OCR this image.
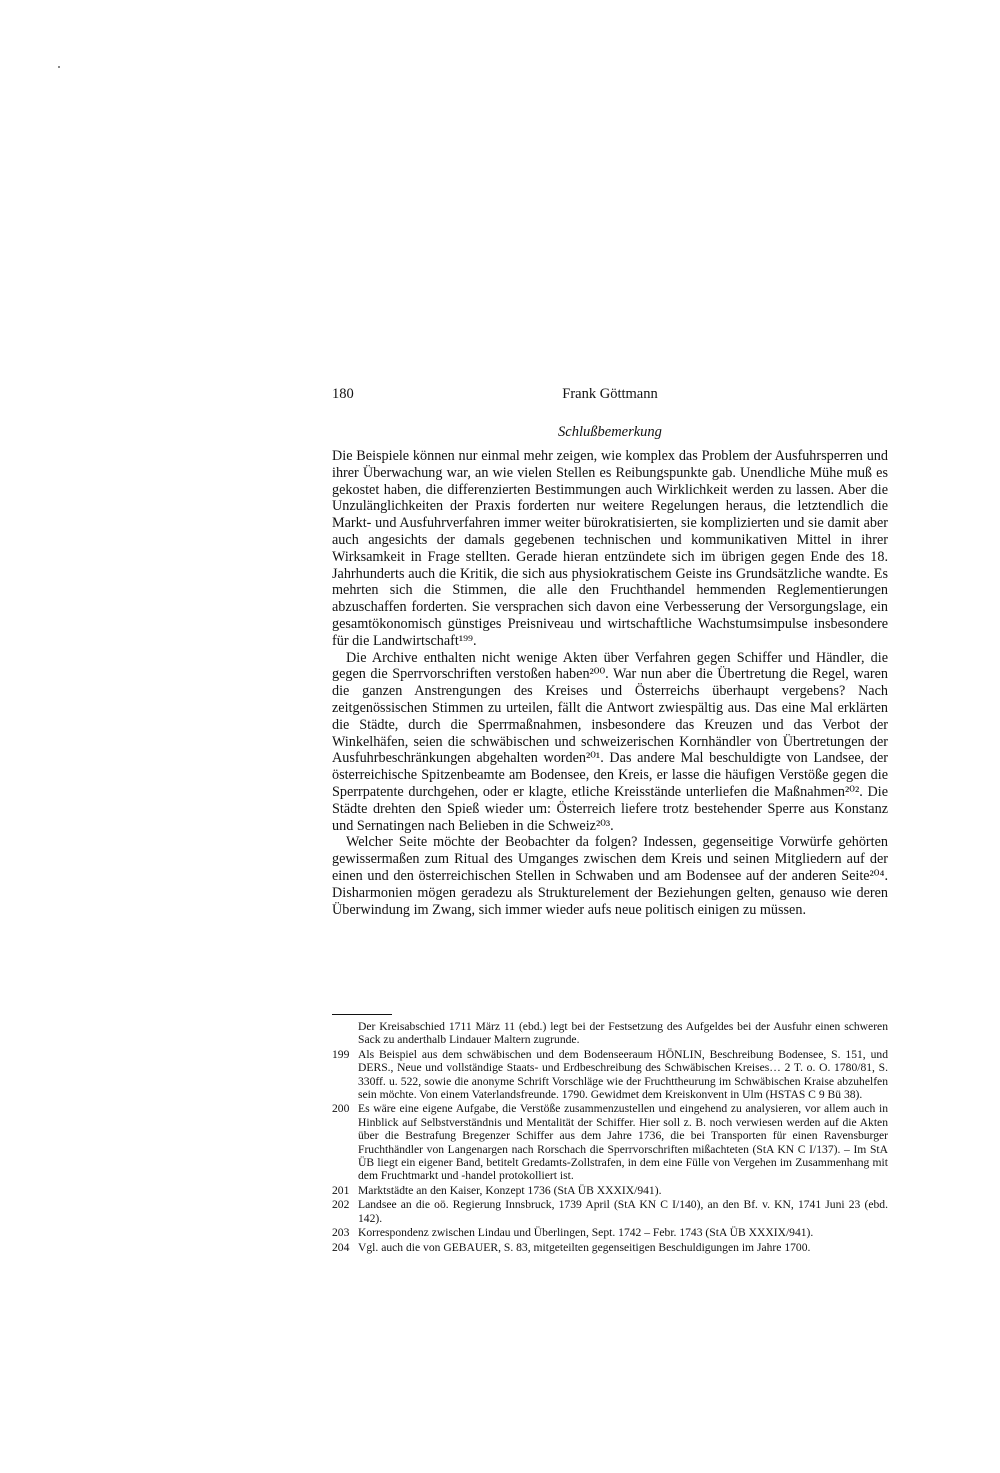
180	Frank Göttmann
Schlußbemerkung

Die Beispiele können nur einmal mehr zeigen, wie komplex das Problem der Ausfuhrsperren und ihrer Überwachung war, an wie vielen Stellen es Reibungspunkte gab. Unendliche Mühe muß es gekostet haben, die differenzierten Bestimmungen auch Wirklichkeit werden zu lassen. Aber die Unzulänglichkeiten der Praxis forderten nur weitere Regelungen heraus, die letztendlich die Markt- und Ausfuhrverfahren immer weiter bürokratisierten, sie komplizierten und sie damit aber auch angesichts der damals gegebenen technischen und kommunikativen Mittel in ihrer Wirksamkeit in Frage stellten. Gerade hieran entzündete sich im übrigen gegen Ende des 18. Jahrhunderts auch die Kritik, die sich aus physiokratischem Geiste ins Grundsätzliche wandte. Es mehrten sich die Stimmen, die alle den Fruchthandel hemmenden Reglementierungen abzuschaffen forderten. Sie versprachen sich davon eine Verbesserung der Versorgungslage, ein gesamtökonomisch günstiges Preisniveau und wirtschaftliche Wachstumsimpulse insbesondere für die Landwirtschaft¹⁹⁹.

Die Archive enthalten nicht wenige Akten über Verfahren gegen Schiffer und Händler, die gegen die Sperrvorschriften verstoßen haben²⁰⁰. War nun aber die Übertretung die Regel, waren die ganzen Anstrengungen des Kreises und Österreichs überhaupt vergebens? Nach zeitgenössischen Stimmen zu urteilen, fällt die Antwort zwiespältig aus. Das eine Mal erklärten die Städte, durch die Sperrmaßnahmen, insbesondere das Kreuzen und das Verbot der Winkelhäfen, seien die schwäbischen und schweizerischen Kornhändler von Übertretungen der Ausfuhrbeschränkungen abgehalten worden²⁰¹. Das andere Mal beschuldigte von Landsee, der österreichische Spitzenbeamte am Bodensee, den Kreis, er lasse die häufigen Verstöße gegen die Sperrpatente durchgehen, oder er klagte, etliche Kreisstände unterliefen die Maßnahmen²⁰². Die Städte drehten den Spieß wieder um: Österreich liefere trotz bestehender Sperre aus Konstanz und Sernatingen nach Belieben in die Schweiz²⁰³.

Welcher Seite möchte der Beobachter da folgen? Indessen, gegenseitige Vorwürfe gehörten gewissermaßen zum Ritual des Umganges zwischen dem Kreis und seinen Mitgliedern auf der einen und den österreichischen Stellen in Schwaben und am Bodensee auf der anderen Seite²⁰⁴. Disharmonien mögen geradezu als Strukturelement der Beziehungen gelten, genauso wie deren Überwindung im Zwang, sich immer wieder aufs neue politisch einigen zu müssen.

Der Kreisabschied 1711 März 11 (ebd.) legt bei der Festsetzung des Aufgeldes bei der Ausfuhr einen schweren Sack zu anderthalb Lindauer Maltern zugrunde.
199 Als Beispiel aus dem schwäbischen und dem Bodenseeraum HÖNLIN, Beschreibung Bodensee, S. 151, und DERS., Neue und vollständige Staats- und Erdbeschreibung des Schwäbischen Kreises… 2 T. o. O. 1780/81, S. 330ff. u. 522, sowie die anonyme Schrift Vorschläge wie der Fruchttheurung im Schwäbischen Kraise abzuhelfen sein möchte. Von einem Vaterlandsfreunde. 1790. Gewidmet dem Kreiskonvent in Ulm (HSTAS C 9 Bü 38).
200 Es wäre eine eigene Aufgabe, die Verstöße zusammenzustellen und eingehend zu analysieren, vor allem auch in Hinblick auf Selbstverständnis und Mentalität der Schiffer. Hier soll z. B. noch verwiesen werden auf die Akten über die Bestrafung Bregenzer Schiffer aus dem Jahre 1736, die bei Transporten für einen Ravensburger Fruchthändler von Langenargen nach Rorschach die Sperrvorschriften mißachteten (StA KN C I/137). – Im StA ÜB liegt ein eigener Band, betitelt Gredamts-Zollstrafen, in dem eine Fülle von Vergehen im Zusammenhang mit dem Fruchtmarkt und -handel protokolliert ist.
201 Marktstädte an den Kaiser, Konzept 1736 (StA ÜB XXXIX/941).
202 Landsee an die oö. Regierung Innsbruck, 1739 April (StA KN C I/140), an den Bf. v. KN, 1741 Juni 23 (ebd. 142).
203 Korrespondenz zwischen Lindau und Überlingen, Sept. 1742 – Febr. 1743 (StA ÜB XXXIX/941).
204 Vgl. auch die von GEBAUER, S. 83, mitgeteilten gegenseitigen Beschuldigungen im Jahre 1700.
